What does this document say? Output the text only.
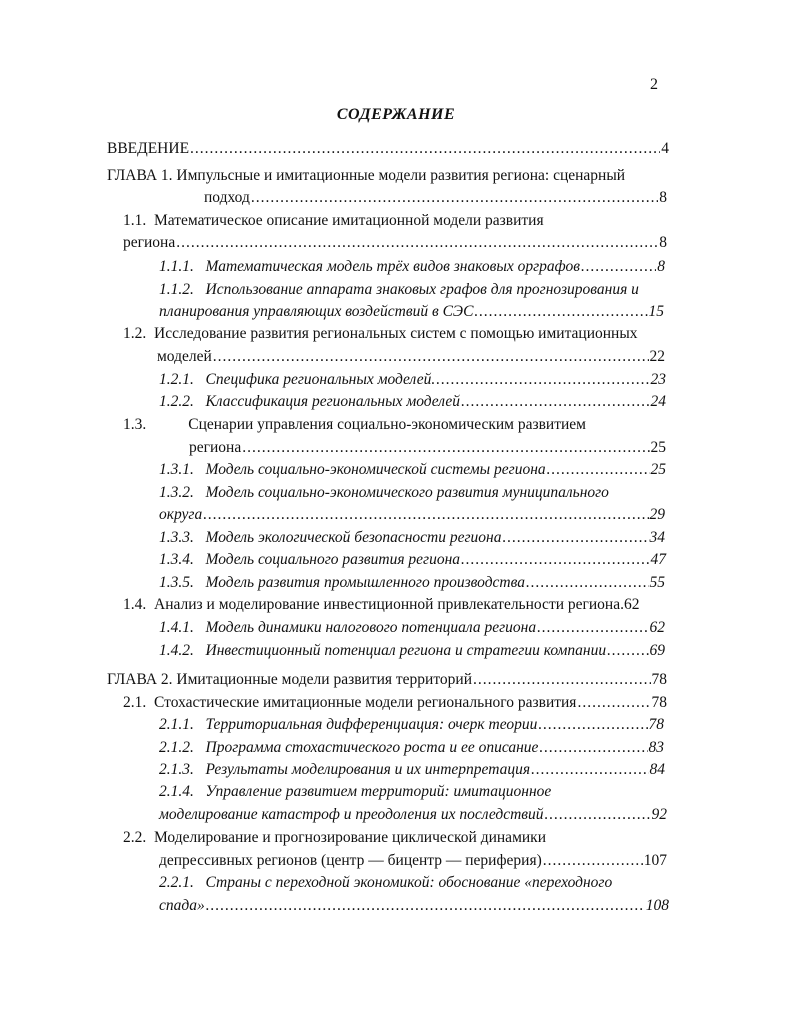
2
СОДЕРЖАНИЕ
ВВЕДЕНИЕ .....	4
ГЛАВА 1. Импульсные и имитационные модели развития региона: сценарный
подход .....	8
1.1. Математическое описание имитационной модели развития
региона .....	8
1.1.1. Математическая модель трёх видов знаковых орграфов .....	8
1.1.2. Использование аппарата знаковых графов для прогнозирования и
планирования управляющих воздействий в СЭС .....	15
1.2. Исследование развития региональных систем с помощью имитационных
моделей .....	22
1.2.1. Специфика региональных моделей. .....	23
1.2.2. Классификация региональных моделей .....	24
1.3.	Сценарии управления социально-экономическим развитием
региона .....	25
1.3.1. Модель социально-экономической системы региона .....	25
1.3.2. Модель социально-экономического развития муниципального
округа .....	29
1.3.3. Модель экологической безопасности региона .....	34
1.3.4. Модель социального развития региона .....	47
1.3.5. Модель развития промышленного производства .....	55
1.4. Анализ и моделирование инвестиционной привлекательности региона.62
1.4.1. Модель динамики налогового потенциала региона .....	62
1.4.2. Инвестиционный потенциал региона и стратегии компании .....	69
ГЛАВА 2. Имитационные модели развития территорий .....	78
2.1. Стохастические имитационные модели регионального развития .....	78
2.1.1. Территориальная дифференциация: очерк теории .....	78
2.1.2. Программа стохастического роста и ее описание .....	83
2.1.3. Результаты моделирования и их интерпретация .....	84
2.1.4. Управление развитием территорий: имитационное
моделирование катастроф и преодоления их последствий .....	92
2.2. Моделирование и прогнозирование циклической динамики
депрессивных регионов (центр — бицентр — периферия) .....	107
2.2.1. Страны с переходной экономикой: обоснование «переходного
спада» .....	108
